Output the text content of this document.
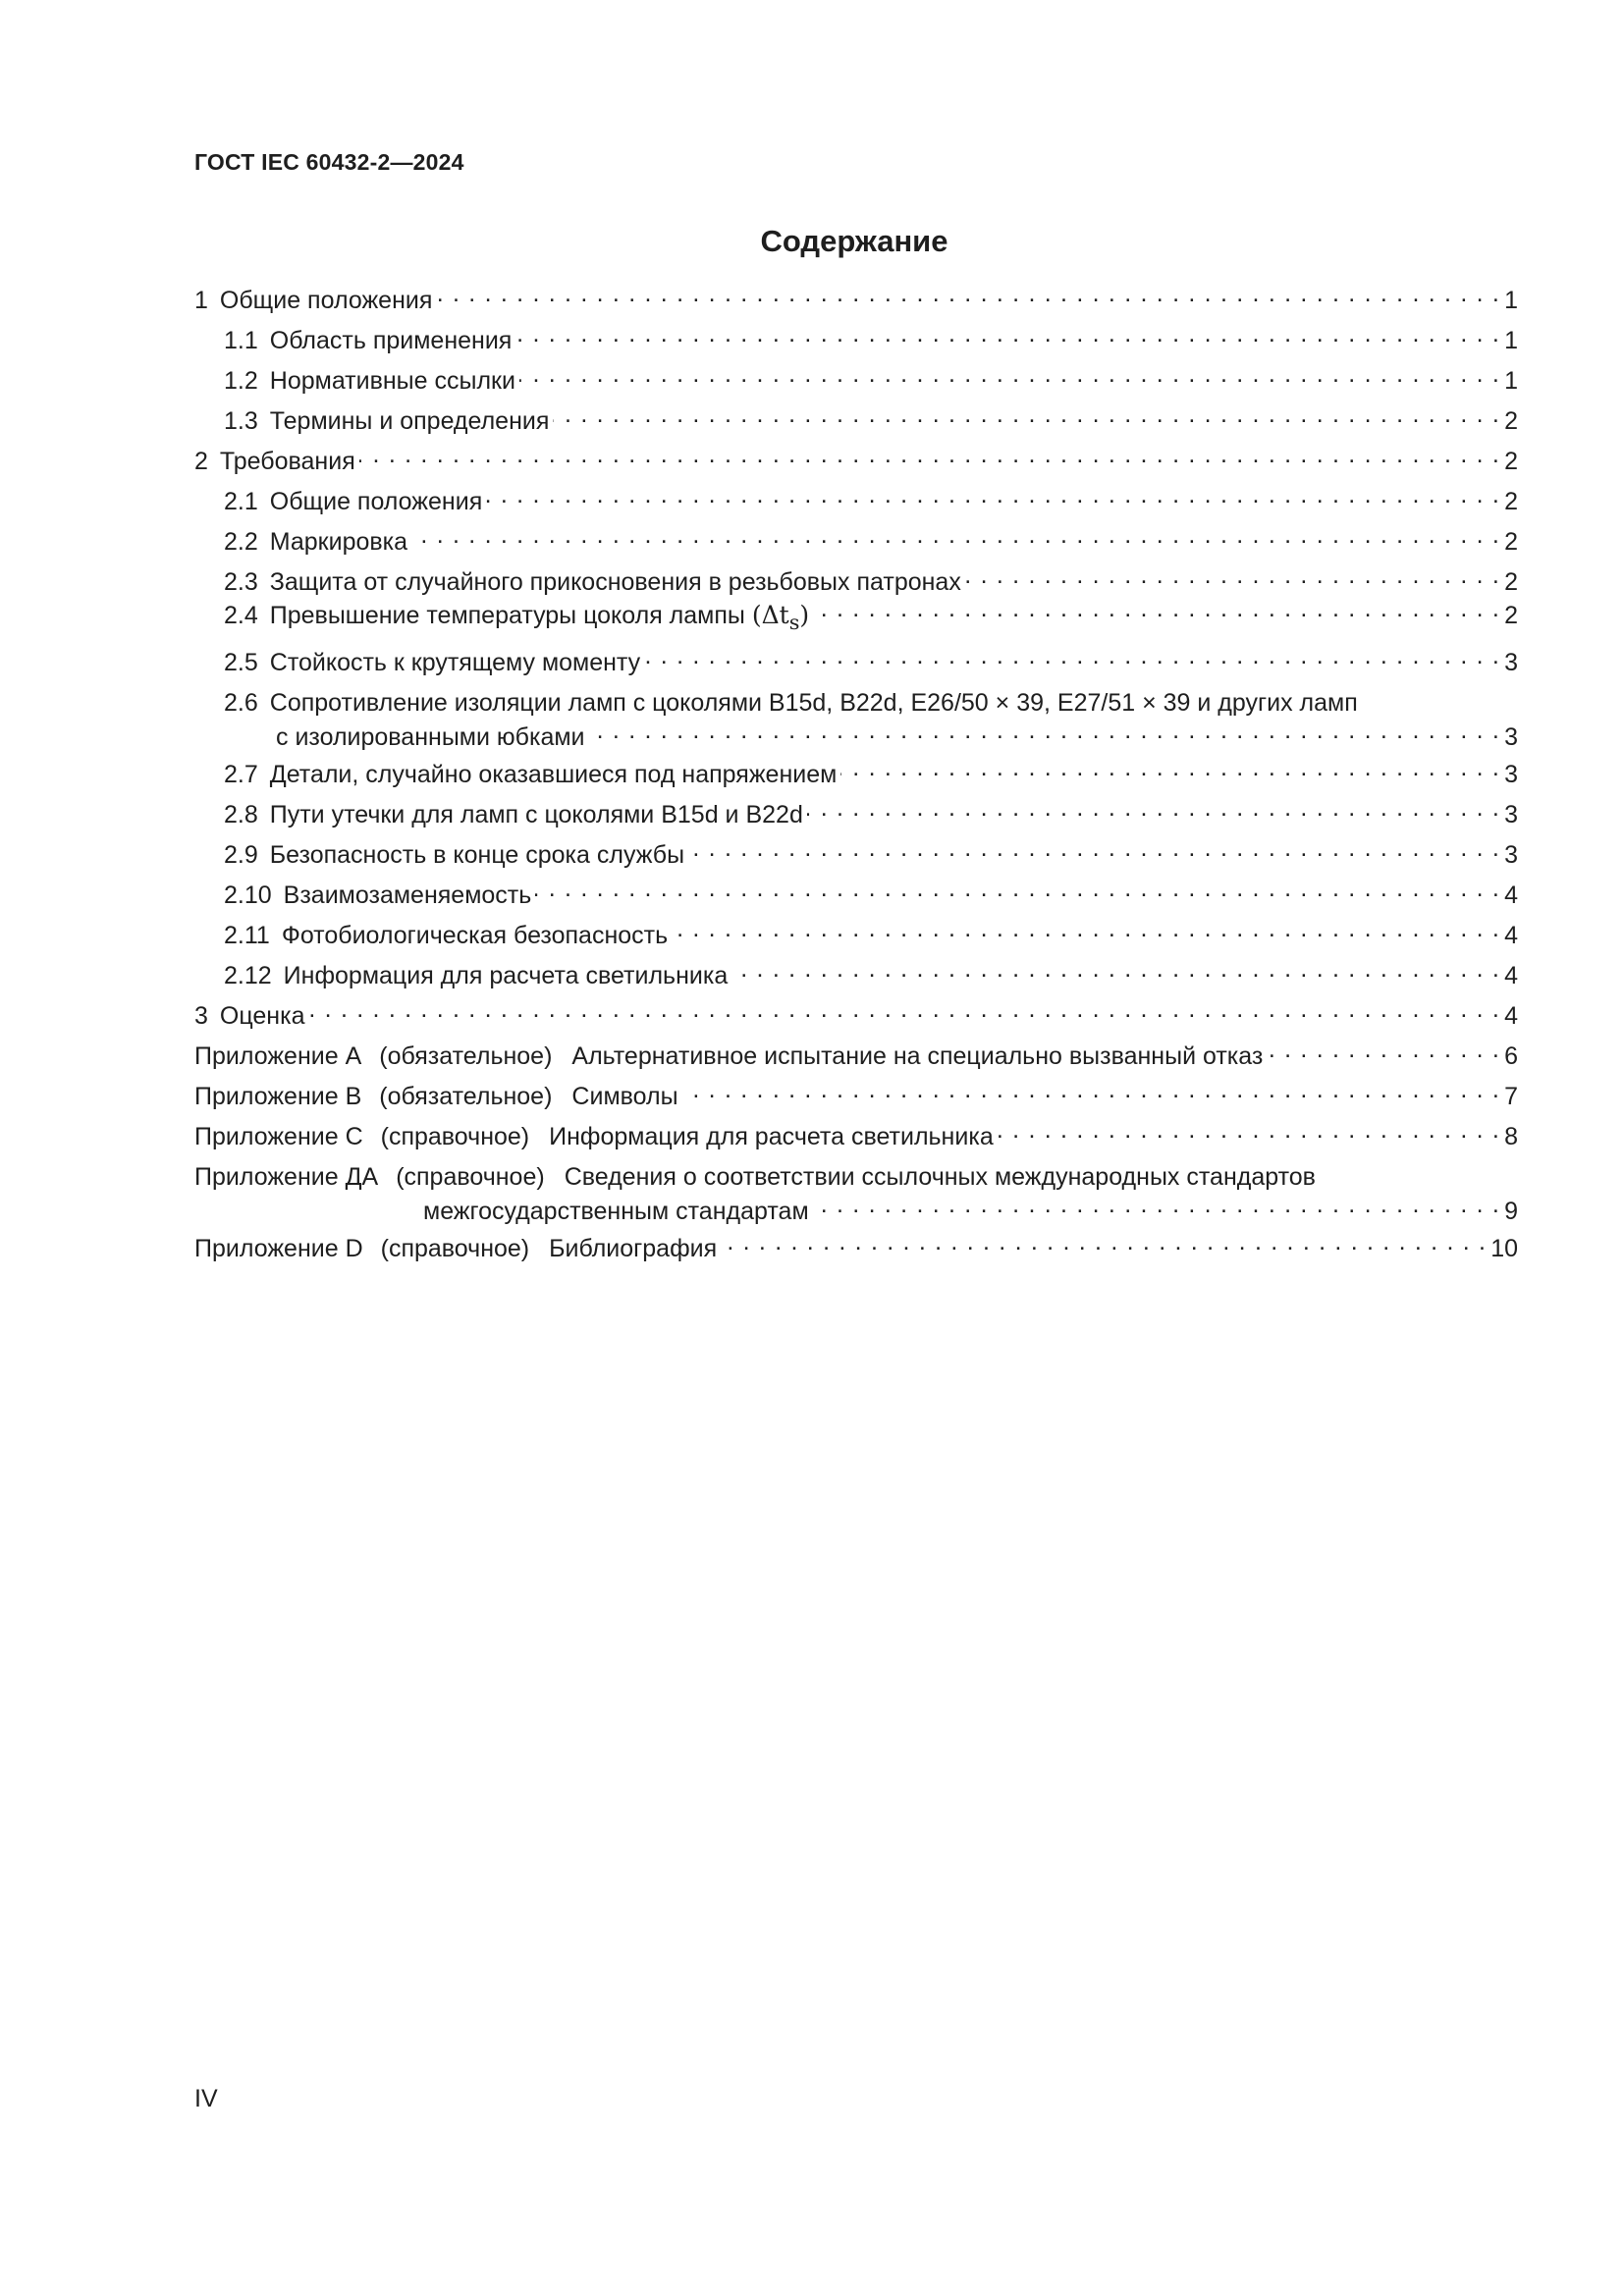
ГОСТ IEC 60432-2—2024
Содержание
1 Общие положения . . .	1
1.1 Область применения . . .	1
1.2 Нормативные ссылки . . .	1
1.3 Термины и определения . . .	2
2 Требования . . .	2
2.1 Общие положения . . .	2
2.2 Маркировка . . .	2
2.3 Защита от случайного прикосновения в резьбовых патронах . . .	2
2.4 Превышение температуры цоколя лампы
$(\Delta t_s)$ . . .	2
2.5 Стойкость к крутящему моменту . . .	3
2.6 Сопротивление изоляции ламп с цоколями B15d, B22d, E26/50 × 39, E27/51 × 39 и других ламп
с изолированными юбками . . .	3
2.7 Детали, случайно оказавшиеся под напряжением . . .	3
2.8 Пути утечки для ламп с цоколями B15d и B22d . . .	3
2.9 Безопасность в конце срока службы . . .	3
2.10 Взаимозаменяемость . . .	4
2.11 Фотобиологическая безопасность . . .	4
2.12 Информация для расчета светильника . . .	4
3 Оценка . . .	4
Приложение А (обязательное) Альтернативное испытание на специально вызванный отказ . . .	6
Приложение В (обязательное) Символы . . .	7
Приложение С (справочное) Информация для расчета светильника . . .	8
Приложение ДА (справочное) Сведения о соответствии ссылочных международных стандартов
межгосударственным стандартам . . .	9
Приложение D (справочное) Библиография . . .	10

IV
